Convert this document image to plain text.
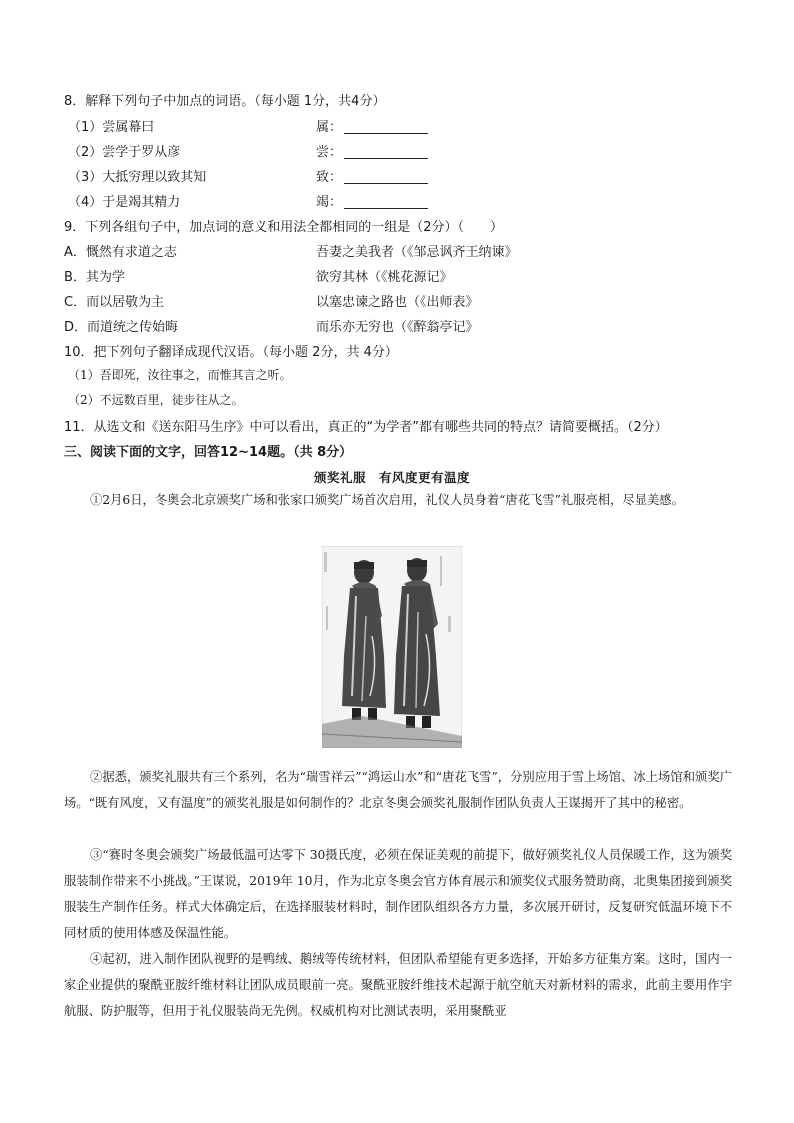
8．解释下列句子中加点的词语。（每小题 1分，共4分）
（1）尝属幕曰	属：
（2）尝学于罗从彦	尝：
（3）大抵穷理以致其知	致：
（4）于是竭其精力	竭：
9．下列各组句子中，加点词的意义和用法全都相同的一组是（2分）（　　）
A．慨然有求道之志	吾妻之美我者（《邹忌讽齐王纳谏》
B．其为学	欲穷其林（《桃花源记》
C．而以居敬为主	以塞忠谏之路也（《出师表》
D．而道统之传始晦	而乐亦无穷也（《醉翁亭记》
10．把下列句子翻译成现代汉语。（每小题 2分，共 4分）
（1）吾即死，汝往事之，而惟其言之听。
（2）不远数百里，徒步往从之。
11．从选文和《送东阳马生序》中可以看出，真正的“为学者”都有哪些共同的特点？请简要概括。（2分）
三、阅读下面的文字，回答12~14题。（共 8分）
颁奖礼服　有风度更有温度
①2月6日，冬奥会北京颁奖广场和张家口颁奖广场首次启用，礼仪人员身着“唐花飞雪”礼服亮相，尽显美感。
②据悉，颁奖礼服共有三个系列，名为“瑞雪祥云”“鸿运山水”和“唐花飞雪”，分别应用于雪上场馆、冰上场馆和颁奖广场。“既有风度，又有温度”的颁奖礼服是如何制作的？北京冬奥会颁奖礼服制作团队负责人王谋揭开了其中的秘密。
③“赛时冬奥会颁奖广场最低温可达零下 30摄氏度，必须在保证美观的前提下，做好颁奖礼仪人员保暖工作，这为颁奖服装制作带来不小挑战。”王谋说，2019年 10月，作为北京冬奥会官方体育展示和颁奖仪式服务赞助商，北奥集团接到颁奖服装生产制作任务。样式大体确定后，在选择服装材料时，制作团队组织各方力量，多次展开研讨，反复研究低温环境下不同材质的使用体感及保温性能。
④起初，进入制作团队视野的是鸭绒、鹅绒等传统材料，但团队希望能有更多选择，开始多方征集方案。这时，国内一家企业提供的聚酰亚胺纤维材料让团队成员眼前一亮。聚酰亚胺纤维技术起源于航空航天对新材料的需求，此前主要用作宇航服、防护服等，但用于礼仪服装尚无先例。权威机构对比测试表明，采用聚酰亚
